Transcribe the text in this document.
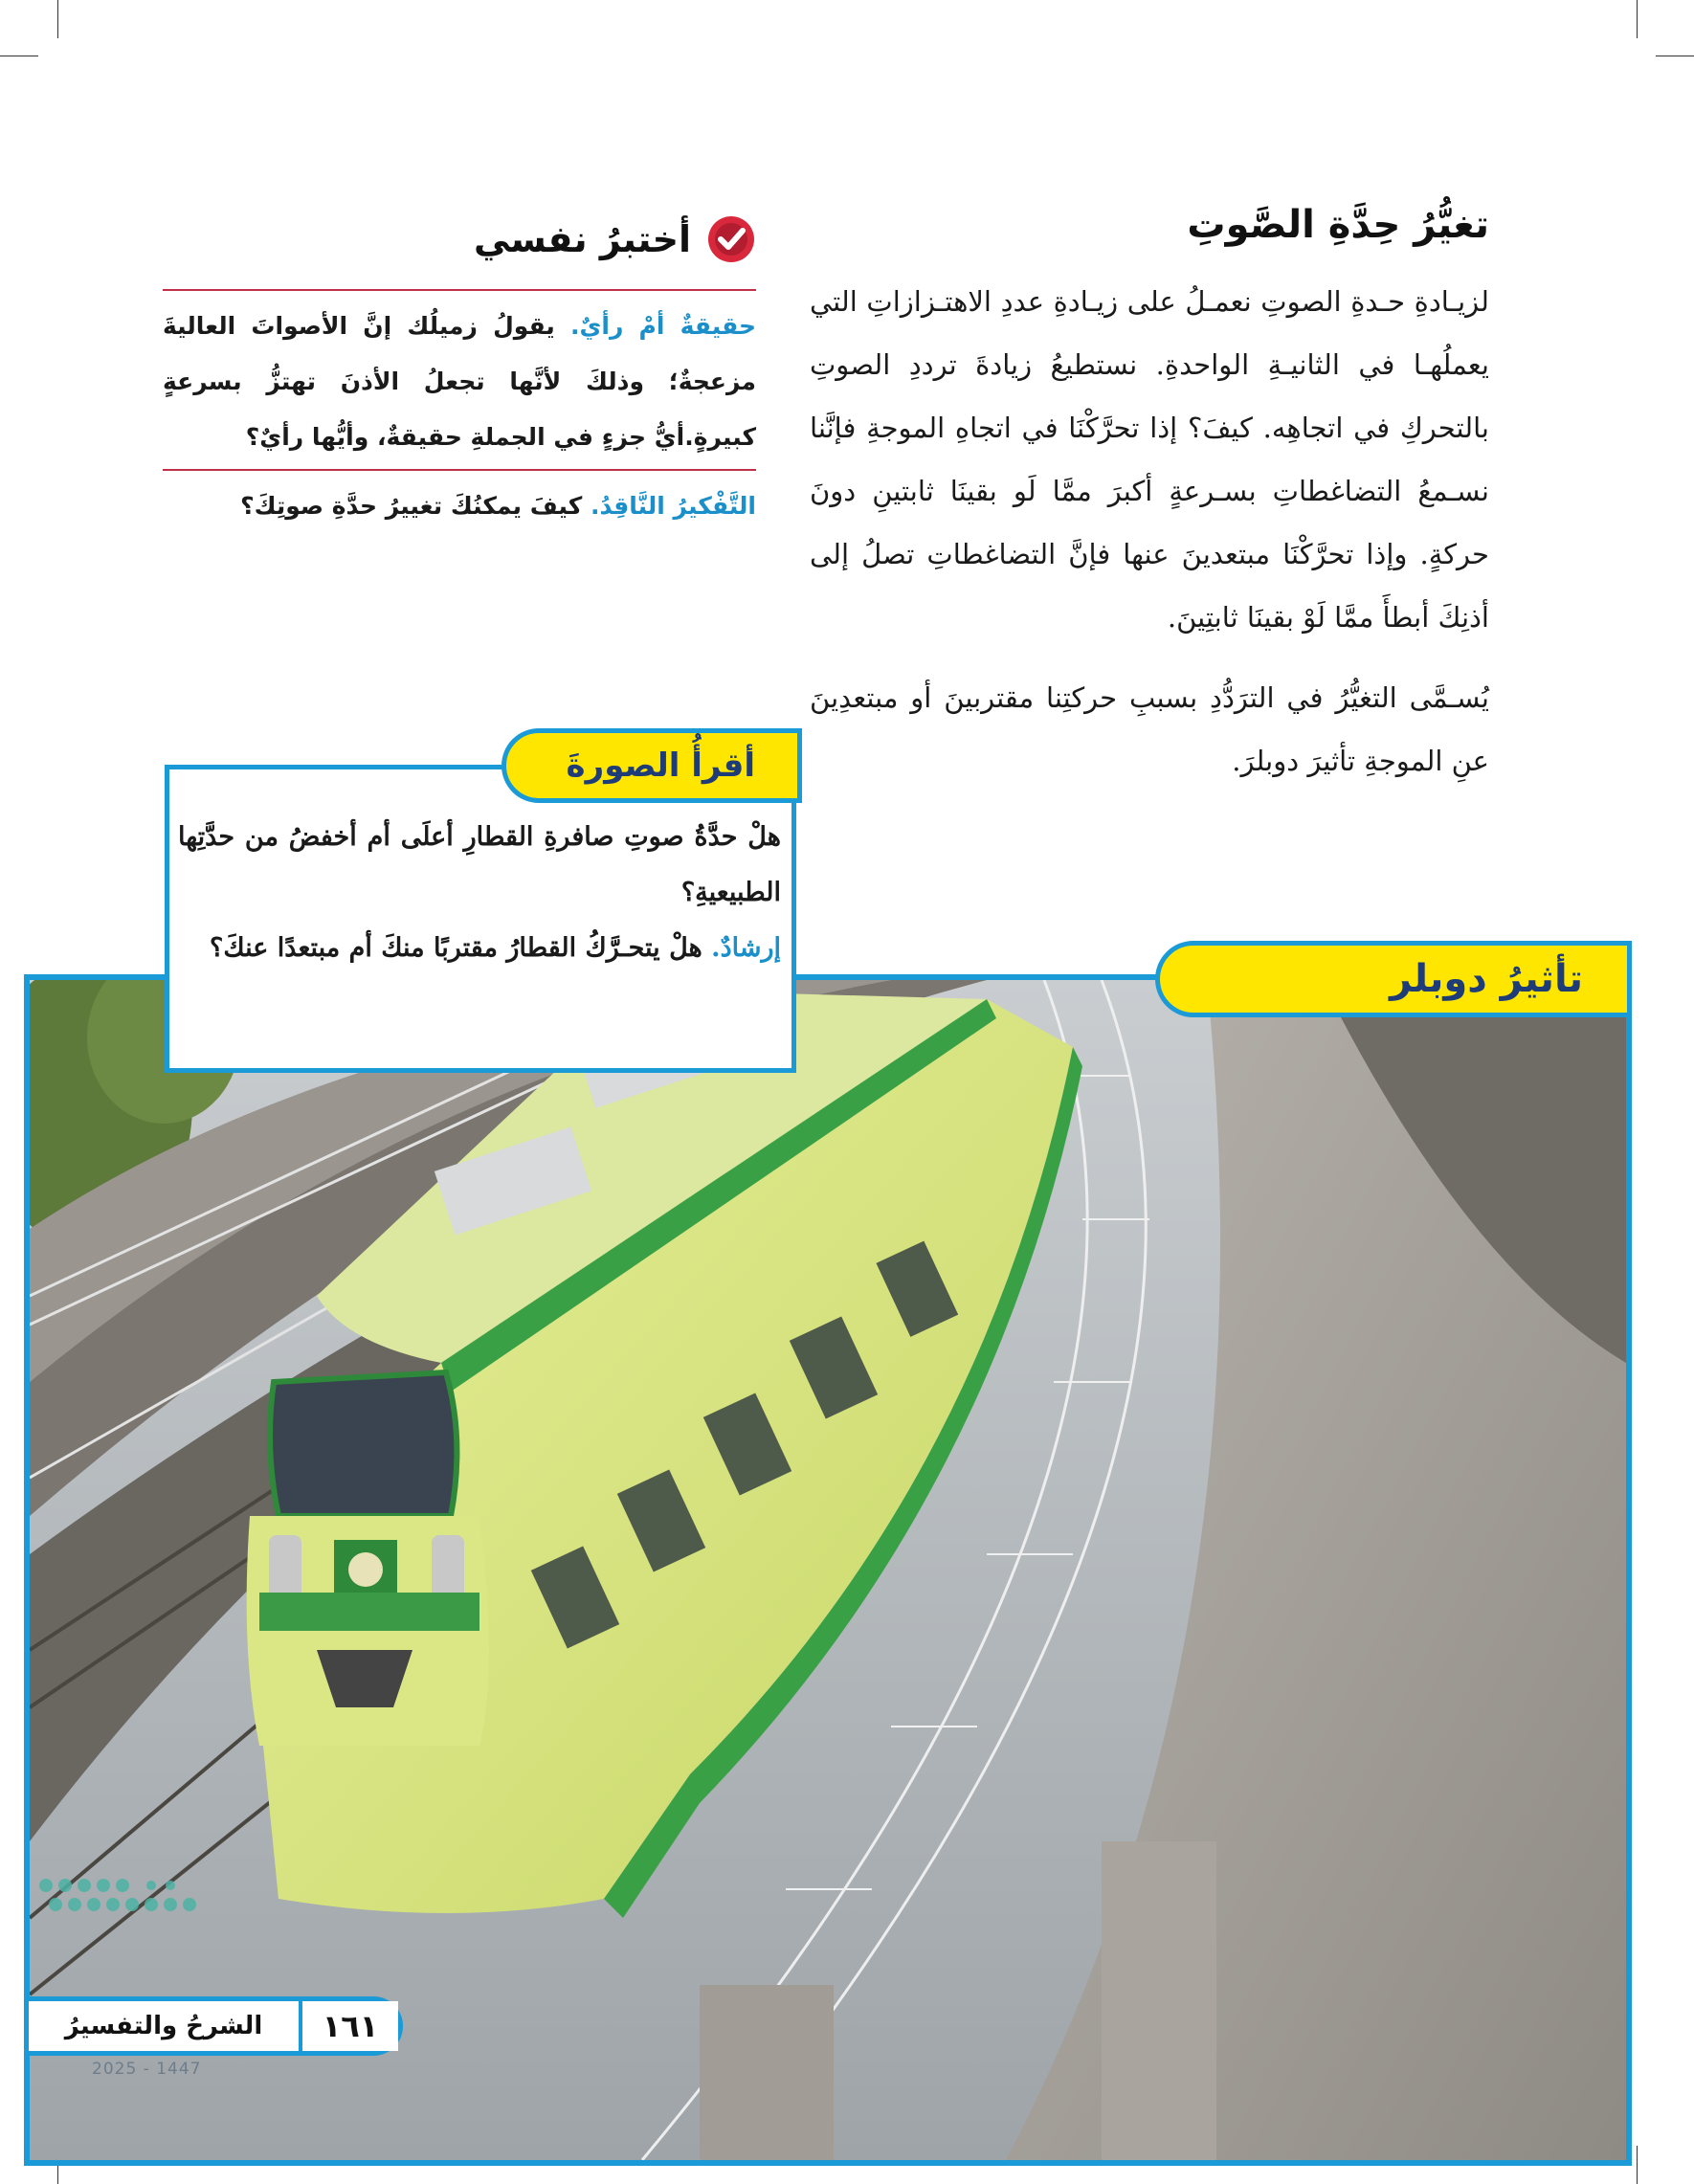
تغيُّرُ حِدَّةِ الصَّوتِ

لزيـادةِ حـدةِ الصوتِ نعمـلُ على زيـادةِ عددِ الاهتـزازاتِ التي يعملُهـا في الثانيـةِ الواحدةِ. نستطيعُ زيادةَ ترددِ الصوتِ بالتحركِ في اتجاهِه. كيفَ؟ إذا تحرَّكْنَا في اتجاهِ الموجةِ فإنَّنا نسـمعُ التضاغطاتِ بسـرعةٍ أكبرَ ممَّا لَو بقينَا ثابتينِ دونَ حركةٍ. وإذا تحرَّكْنَا مبتعدينَ عنها فإنَّ التضاغطاتِ تصلُ إلى أذنِكَ أبطأَ ممَّا لَوْ بقينَا ثابتِينَ.

يُسـمَّى التغيُّرُ في الترَدُّدِ بسببِ حركتِنا مقتربينَ أو مبتعدِينَ عنِ الموجةِ تأثيرَ دوبلرَ.

أختبرُ نفسي
حقيقةٌ أمْ رأيٌ. يقولُ زميلُك إنَّ الأصواتَ العاليةَ مزعجةٌ؛ وذلكَ لأنَّها تجعلُ الأذنَ تهتزُّ بسرعةٍ كبيرةٍ.أيُّ جزءٍ في الجملةِ حقيقةٌ، وأيُّها رأيٌ؟
التَّفْكيرُ النَّاقِدُ. كيفَ يمكنُكَ تغييرُ حدَّةِ صوتِكَ؟
أقرأُ الصورةَ
هلْ حدَّةُ صوتِ صافرةِ القطارِ أعلَى أم أخفضُ من حدَّتِها الطبيعيةِ؟
إرشادٌ. هلْ يتحـرَّكُ القطارُ مقتربًا منكَ أم مبتعدًا عنكَ؟
تأثيرُ دوبلر
١٦١
الشرحُ والتفسيرُ
2025 - 1447
